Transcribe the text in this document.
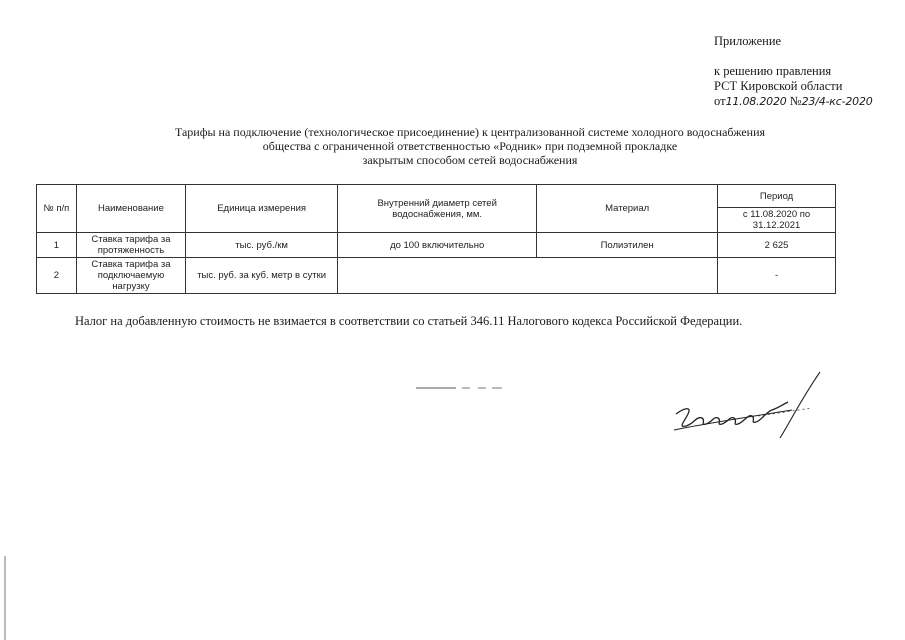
Приложение
к решению правления
РСТ Кировской области
от11.08.2020 №23/4-кс-2020
Тарифы на подключение (технологическое присоединение) к централизованной системе холодного водоснабжения
общества с ограниченной ответственностью «Родник» при подземной прокладке
закрытым способом сетей водоснабжения
№ п/п	Наименование	Единица измерения	Внутренний диаметр сетей водоснабжения, мм.	Материал	Период
					с 11.08.2020 по 31.12.2021
1	Ставка тарифа за протяженность	тыс. руб./км	до 100 включительно	Полиэтилен	2 625
2	Ставка тарифа за подключаемую нагрузку	тыс. руб. за куб. метр в сутки			-
Налог на добавленную стоимость не взимается в соответствии со статьей 346.11 Налогового кодекса Российской Федерации.
